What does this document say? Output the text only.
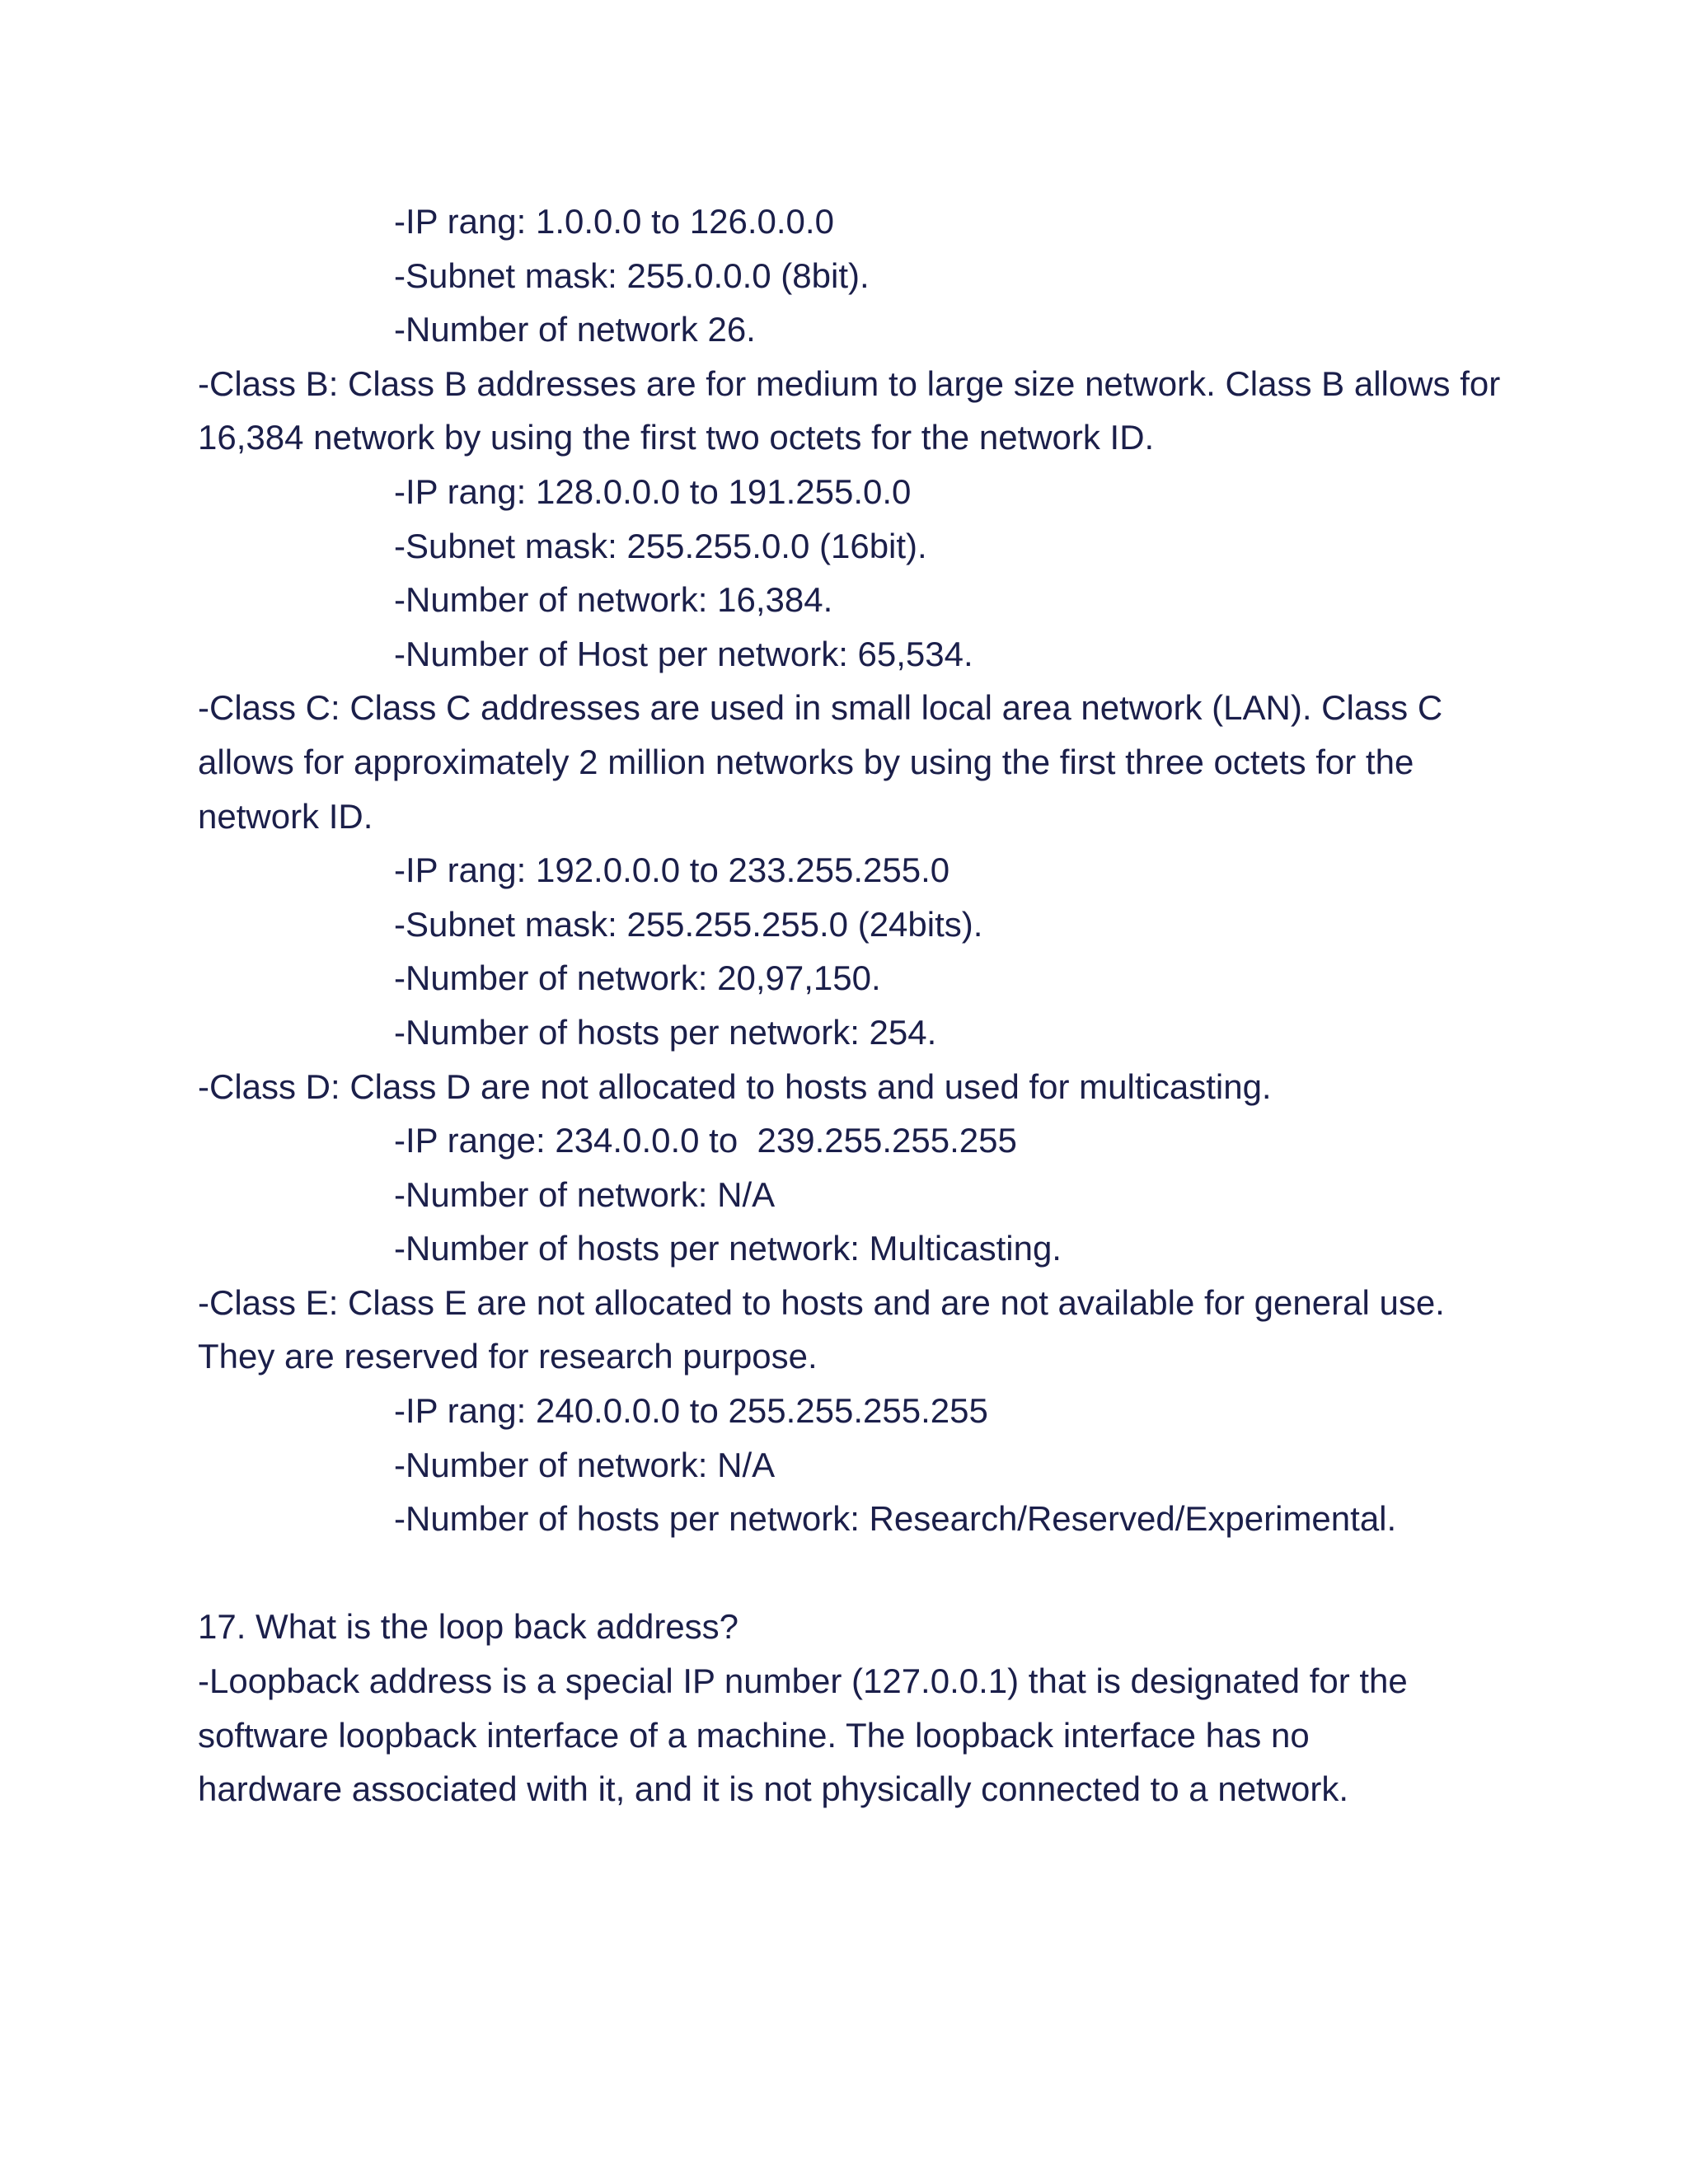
-IP rang: 1.0.0.0 to 126.0.0.0
-Subnet mask: 255.0.0.0 (8bit).
-Number of network 26.
-Class B: Class B addresses are for medium to large size network. Class B allows for
16,384 network by using the first two octets for the network ID.
-IP rang: 128.0.0.0 to 191.255.0.0
-Subnet mask: 255.255.0.0 (16bit).
-Number of network: 16,384.
-Number of Host per network: 65,534.
-Class C: Class C addresses are used in small local area network (LAN). Class C
allows for approximately 2 million networks by using the first three octets for the
network ID.
-IP rang: 192.0.0.0 to 233.255.255.0
-Subnet mask: 255.255.255.0 (24bits).
-Number of network: 20,97,150.
-Number of hosts per network: 254.
-Class D: Class D are not allocated to hosts and used for multicasting.
-IP range: 234.0.0.0 to  239.255.255.255
-Number of network: N/A
-Number of hosts per network: Multicasting.
-Class E: Class E are not allocated to hosts and are not available for general use.
They are reserved for research purpose.
-IP rang: 240.0.0.0 to 255.255.255.255
-Number of network: N/A
-Number of hosts per network: Research/Reserved/Experimental.
17. What is the loop back address?
-Loopback address is a special IP number (127.0.0.1) that is designated for the
software loopback interface of a machine. The loopback interface has no
hardware associated with it, and it is not physically connected to a network.
